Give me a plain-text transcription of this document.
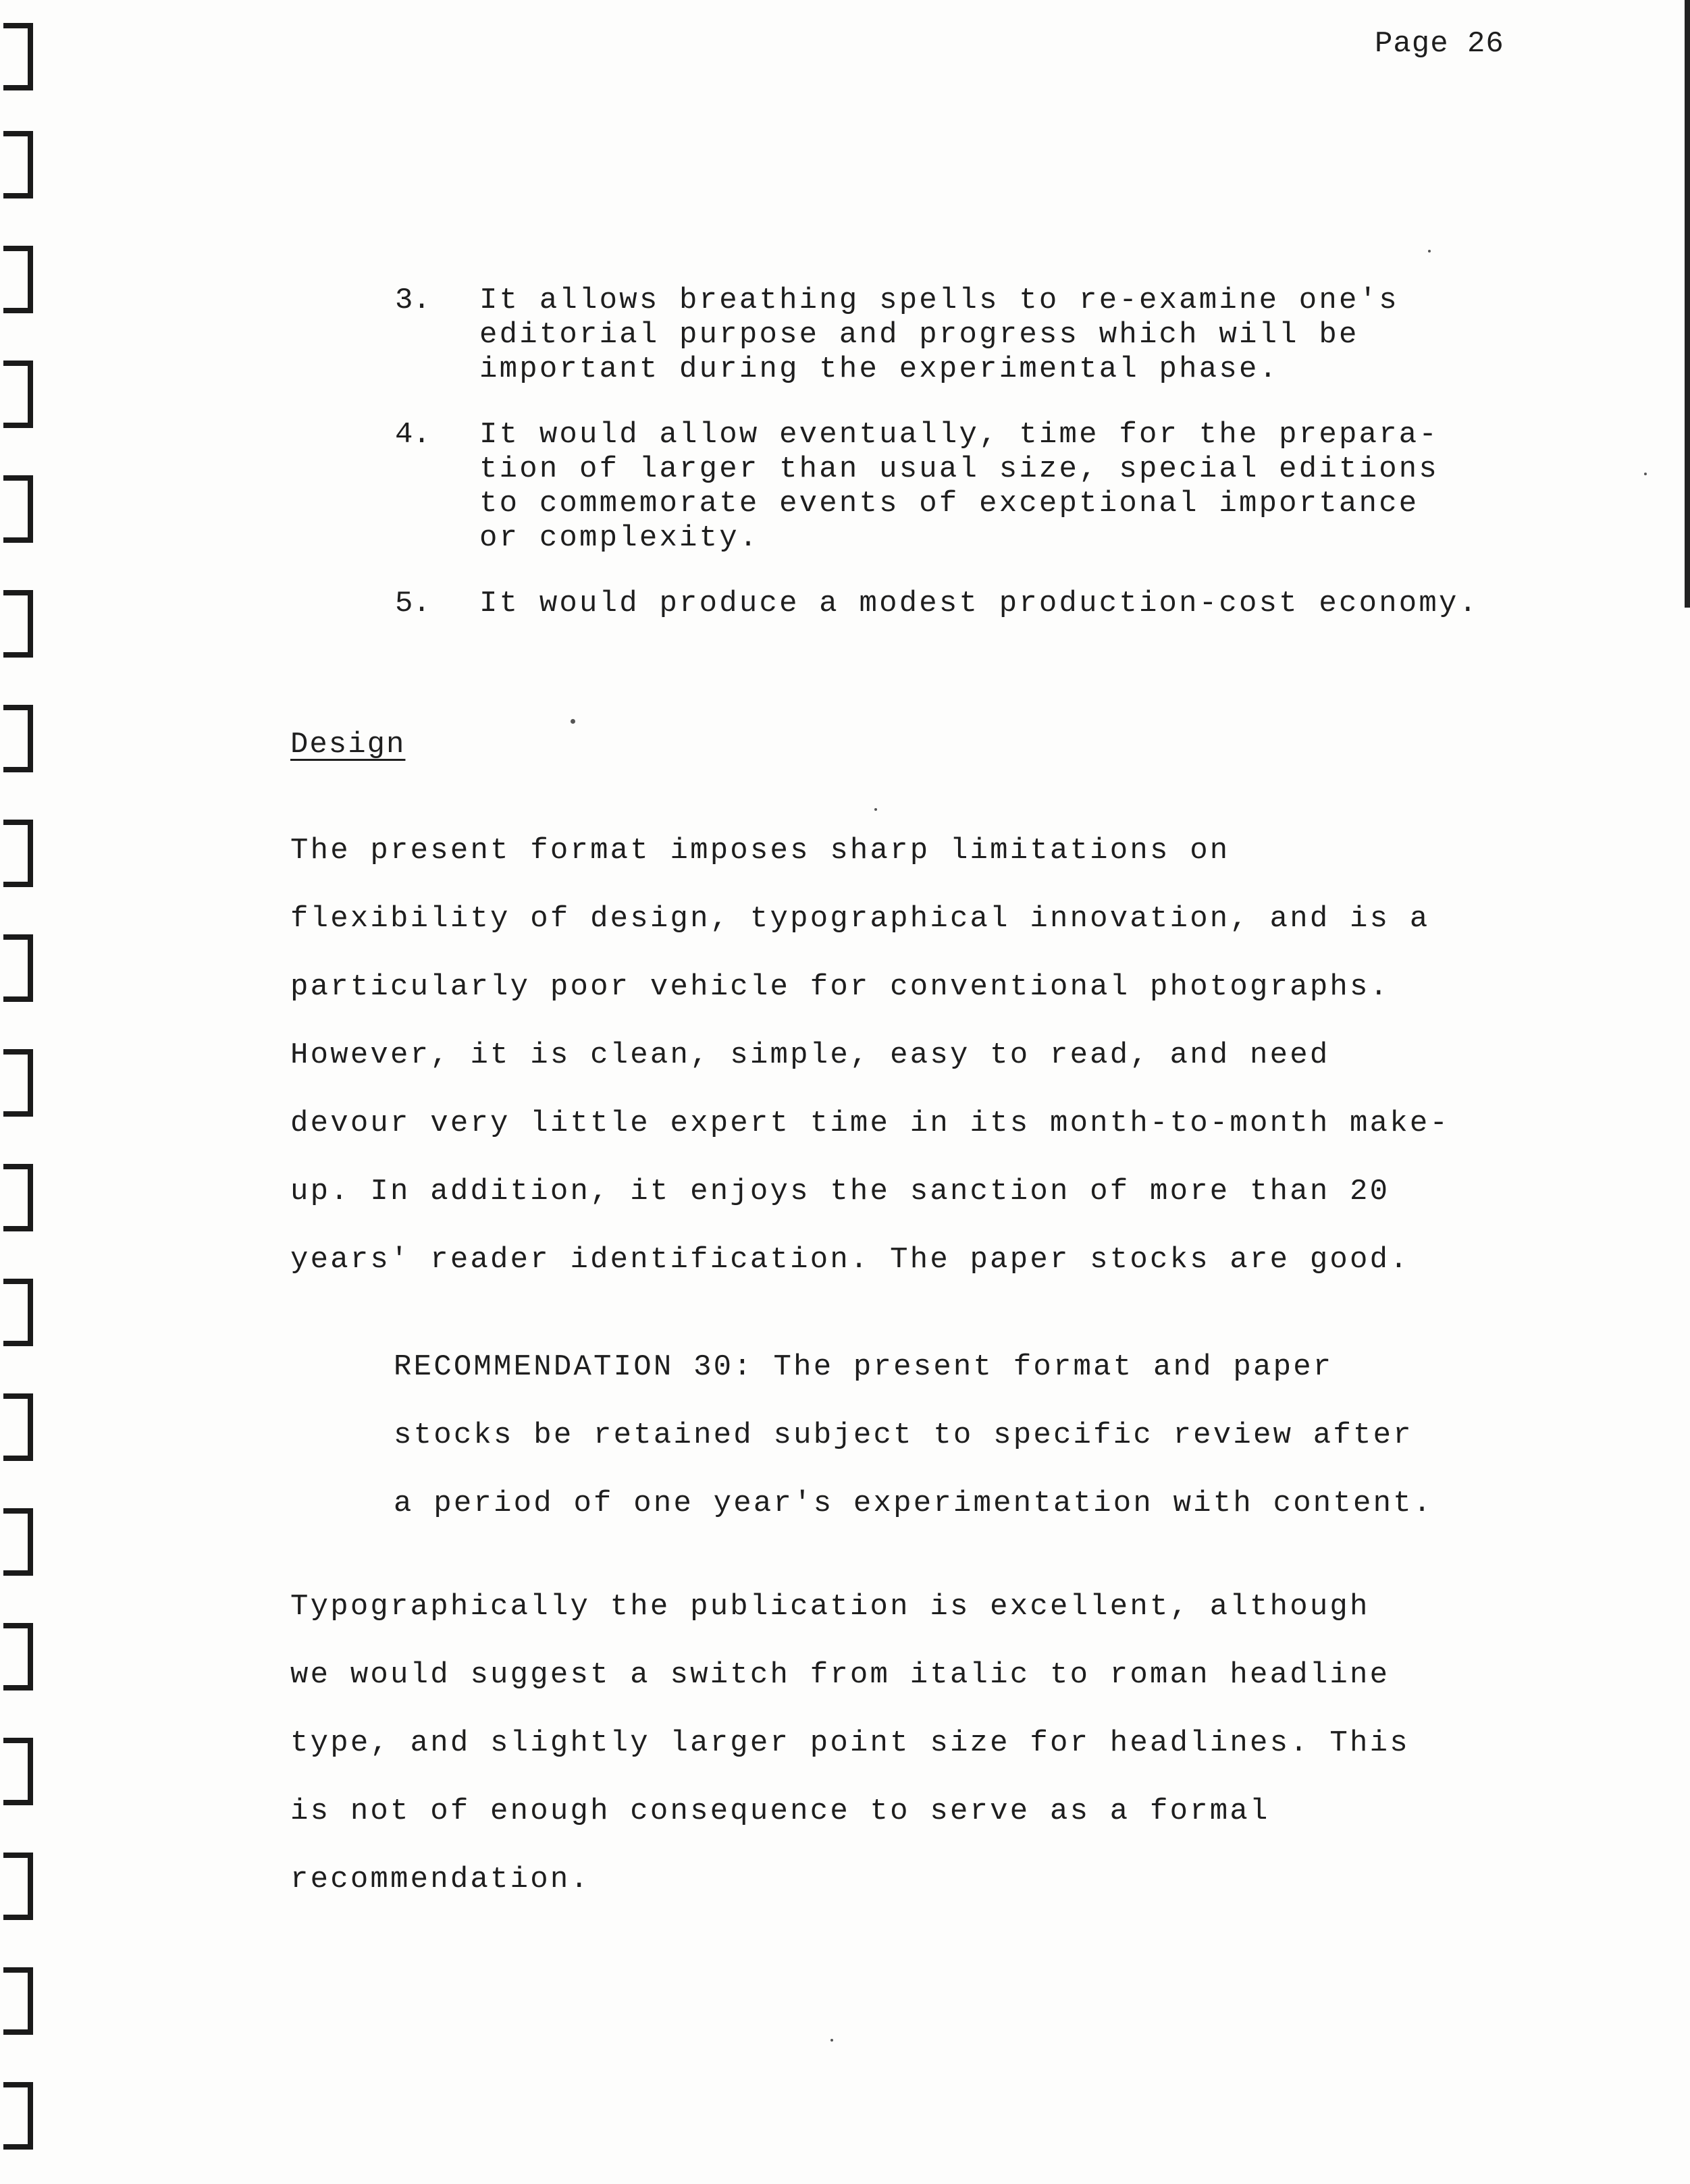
Page 26
3.	It allows breathing spells to re-examine one's
editorial purpose and progress which will be
important during the experimental phase.
4.	It would allow eventually, time for the prepara-
tion of larger than usual size, special editions
to commemorate events of exceptional importance
or complexity.
5.	It would produce a modest production-cost economy.
Design
The present format imposes sharp limitations on
flexibility of design, typographical innovation, and is a
particularly poor vehicle for conventional photographs.
However, it is clean, simple, easy to read, and need
devour very little expert time in its month-to-month make-
up. In addition, it enjoys the sanction of more than 20
years' reader identification. The paper stocks are good.
RECOMMENDATION 30: The present format and paper
stocks be retained subject to specific review after
a period of one year's experimentation with content.
Typographically the publication is excellent, although
we would suggest a switch from italic to roman headline
type, and slightly larger point size for headlines. This
is not of enough consequence to serve as a formal
recommendation.
